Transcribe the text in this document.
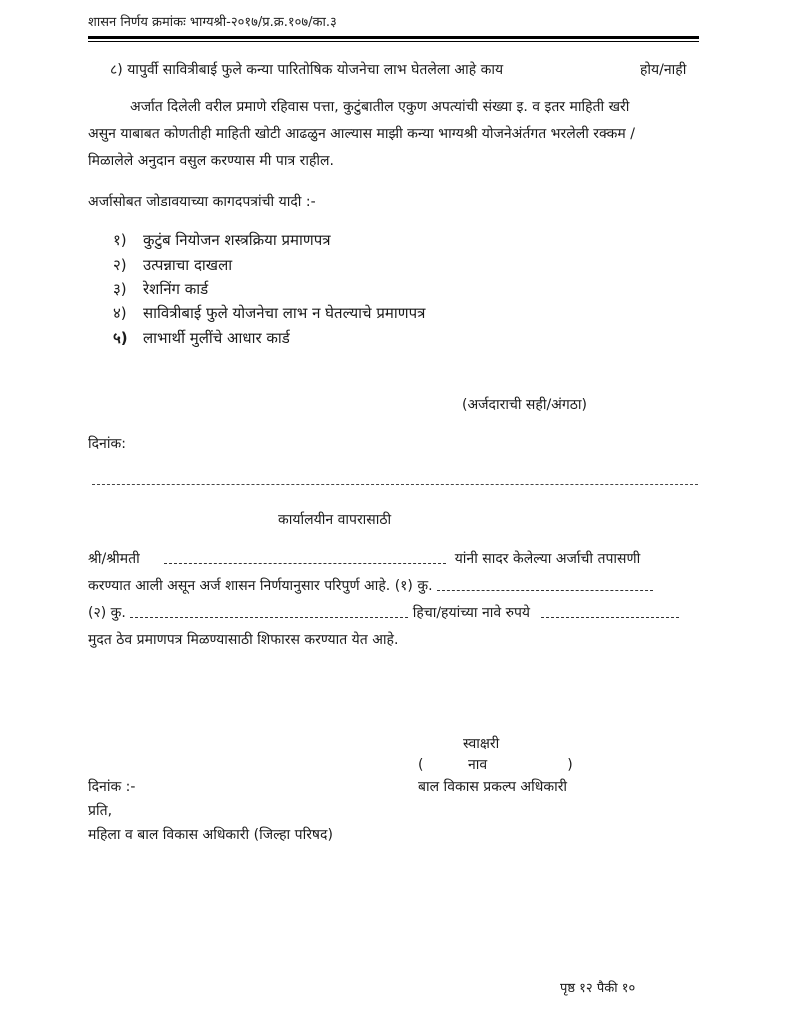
शासन निर्णय क्रमांकः भाग्यश्री-२०१७/प्र.क्र.१०७/का.३
८) यापुर्वी सावित्रीबाई फुले कन्या पारितोषिक योजनेचा लाभ घेतलेला आहे काय	होय/नाही
अर्जात दिलेली वरील प्रमाणे रहिवास पत्ता, कुटुंबातील एकुण अपत्यांची संख्या इ. व इतर माहिती खरी
असुन याबाबत कोणतीही माहिती खोटी आढळुन आल्यास माझी कन्या भाग्यश्री योजनेअंर्तगत भरलेली रक्कम /
मिळालेले अनुदान वसुल करण्यास मी पात्र राहील.
अर्जासोबत जोडावयाच्या कागदपत्रांची यादी :-
१) कुटुंब नियोजन शस्त्रक्रिया प्रमाणपत्र
२) उत्पन्नाचा दाखला
३) रेशनिंग कार्ड
४) सावित्रीबाई फुले योजनेचा लाभ न घेतल्याचे प्रमाणपत्र
५) लाभार्थी मुलींचे आधार कार्ड
(अर्जदाराची सही/अंगठा)
दिनांक:
कार्यालयीन वापरासाठी
श्री/श्रीमती	यांनी सादर केलेल्या अर्जाची तपासणी
करण्यात आली असून अर्ज शासन निर्णयानुसार परिपुर्ण आहे. (१) कु.
(२) कु.	हिचा/हयांच्या नावे रुपये
मुदत ठेव प्रमाणपत्र मिळण्यासाठी शिफारस करण्यात येत आहे.
स्वाक्षरी
(          नाव                  )
बाल विकास प्रकल्प अधिकारी
दिनांक :-
प्रति,
महिला व बाल विकास अधिकारी (जिल्हा परिषद)
पृष्ठ १२ पैकी १०
